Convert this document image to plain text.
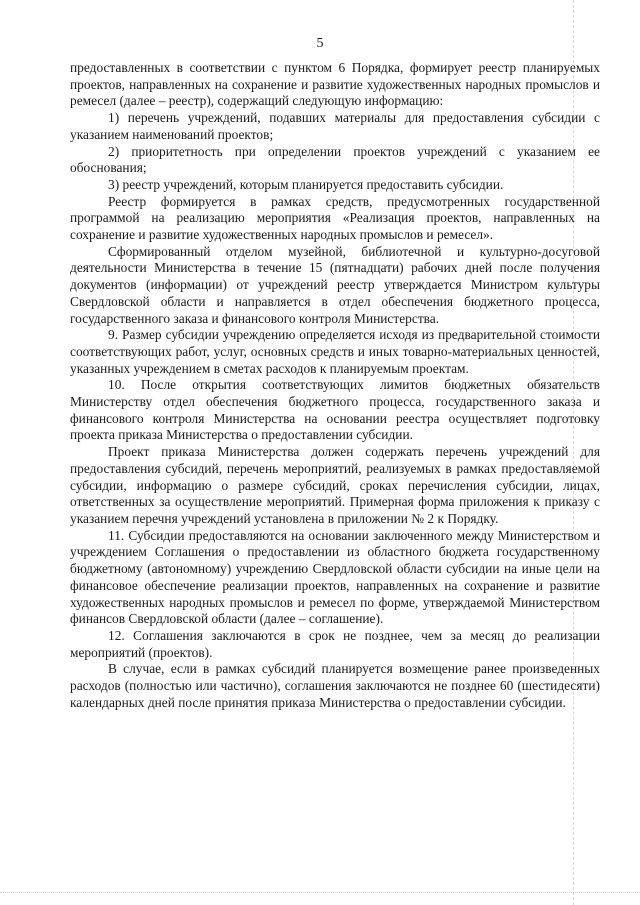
5

предоставленных в соответствии с пунктом 6 Порядка, формирует реестр планируемых проектов, направленных на сохранение и развитие художественных народных промыслов и ремесел (далее – реестр), содержащий следующую информацию:

1) перечень учреждений, подавших материалы для предоставления субсидии с указанием наименований проектов;

2) приоритетность при определении проектов учреждений с указанием ее обоснования;

3) реестр учреждений, которым планируется предоставить субсидии.

Реестр формируется в рамках средств, предусмотренных государственной программой на реализацию мероприятия «Реализация проектов, направленных на сохранение и развитие художественных народных промыслов и ремесел».

Сформированный отделом музейной, библиотечной и культурно-досуговой деятельности Министерства в течение 15 (пятнадцати) рабочих дней после получения документов (информации) от учреждений реестр утверждается Министром культуры Свердловской области и направляется в отдел обеспечения бюджетного процесса, государственного заказа и финансового контроля Министерства.

9. Размер субсидии учреждению определяется исходя из предварительной стоимости соответствующих работ, услуг, основных средств и иных товарно-материальных ценностей, указанных учреждением в сметах расходов к планируемым проектам.

10. После открытия соответствующих лимитов бюджетных обязательств Министерству отдел обеспечения бюджетного процесса, государственного заказа и финансового контроля Министерства на основании реестра осуществляет подготовку проекта приказа Министерства о предоставлении субсидии.

Проект приказа Министерства должен содержать перечень учреждений для предоставления субсидий, перечень мероприятий, реализуемых в рамках предоставляемой субсидии, информацию о размере субсидий, сроках перечисления субсидии, лицах, ответственных за осуществление мероприятий. Примерная форма приложения к приказу с указанием перечня учреждений установлена в приложении № 2 к Порядку.

11. Субсидии предоставляются на основании заключенного между Министерством и учреждением Соглашения о предоставлении из областного бюджета государственному бюджетному (автономному) учреждению Свердловской области субсидии на иные цели на финансовое обеспечение реализации проектов, направленных на сохранение и развитие художественных народных промыслов и ремесел по форме, утверждаемой Министерством финансов Свердловской области (далее – соглашение).

12. Соглашения заключаются в срок не позднее, чем за месяц до реализации мероприятий (проектов).

В случае, если в рамках субсидий планируется возмещение ранее произведенных расходов (полностью или частично), соглашения заключаются не позднее 60 (шестидесяти) календарных дней после принятия приказа Министерства о предоставлении субсидии.
